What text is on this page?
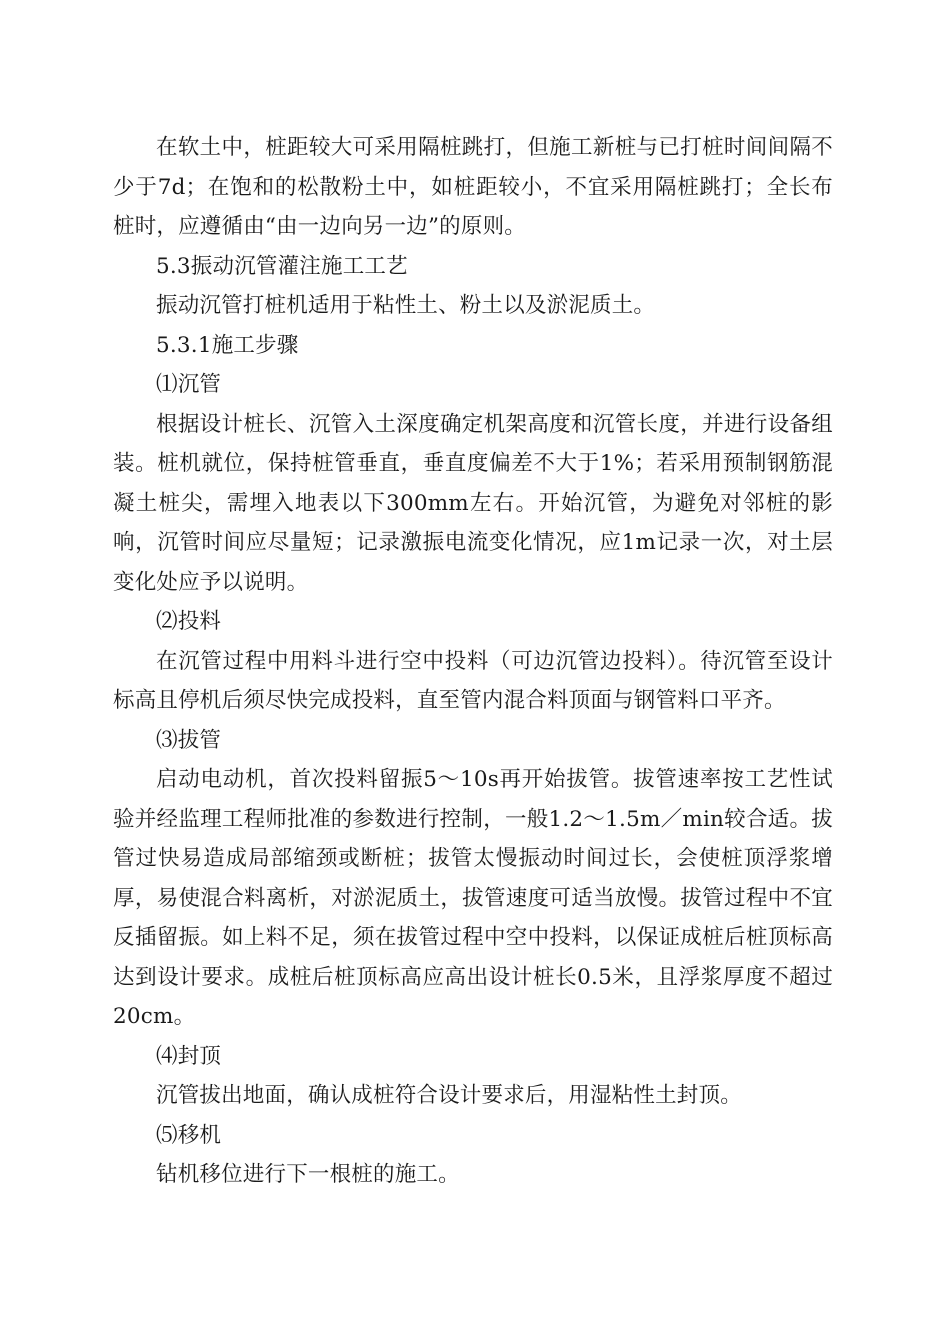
在软土中，桩距较大可采用隔桩跳打，但施工新桩与已打桩时间间隔不少于7d；在饱和的松散粉土中，如桩距较小，不宜采用隔桩跳打；全长布桩时，应遵循由“由一边向另一边”的原则。

5.3振动沉管灌注施工工艺

振动沉管打桩机适用于粘性土、粉土以及淤泥质土。

5.3.1施工步骤

⑴沉管

根据设计桩长、沉管入土深度确定机架高度和沉管长度，并进行设备组装。桩机就位，保持桩管垂直，垂直度偏差不大于1%；若采用预制钢筋混凝土桩尖，需埋入地表以下300mm左右。开始沉管，为避免对邻桩的影响，沉管时间应尽量短；记录激振电流变化情况，应1m记录一次，对土层变化处应予以说明。

⑵投料

在沉管过程中用料斗进行空中投料（可边沉管边投料）。待沉管至设计标高且停机后须尽快完成投料，直至管内混合料顶面与钢管料口平齐。

⑶拔管

启动电动机，首次投料留振5～10s再开始拔管。拔管速率按工艺性试验并经监理工程师批准的参数进行控制，一般1.2～1.5m／min较合适。拔管过快易造成局部缩颈或断桩；拔管太慢振动时间过长，会使桩顶浮浆增厚，易使混合料离析，对淤泥质土，拔管速度可适当放慢。拔管过程中不宜反插留振。如上料不足，须在拔管过程中空中投料，以保证成桩后桩顶标高达到设计要求。成桩后桩顶标高应高出设计桩长0.5米，且浮浆厚度不超过20cm。

⑷封顶

沉管拔出地面，确认成桩符合设计要求后，用湿粘性土封顶。

⑸移机

钻机移位进行下一根桩的施工。
